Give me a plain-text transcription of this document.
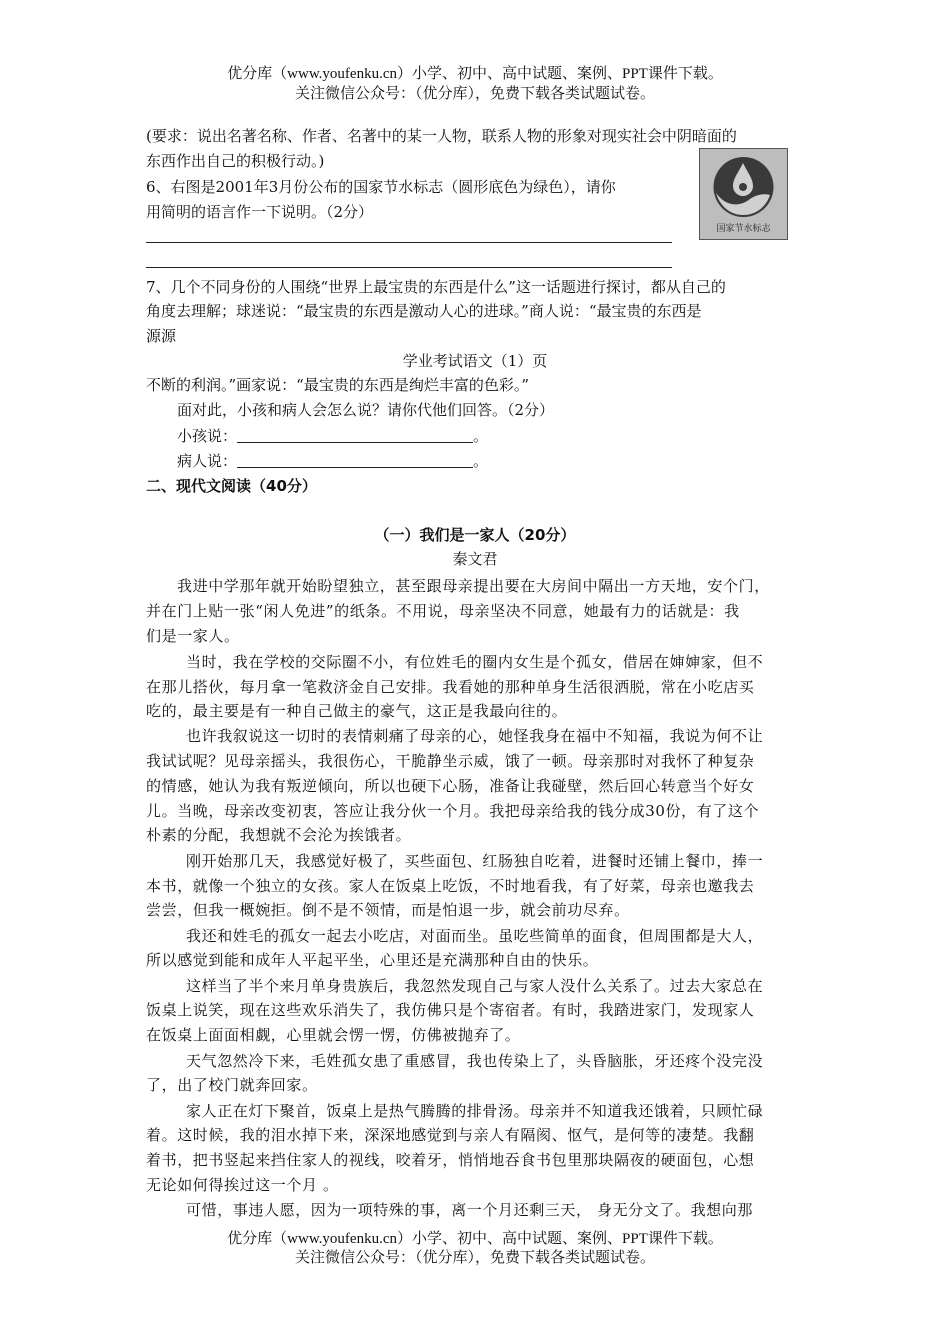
优分库（www.youfenku.cn）小学、初中、高中试题、案例、PPT课件下载。
关注微信公众号：（优分库），免费下载各类试题试卷。
(要求：说出名著名称、作者、名著中的某一人物，联系人物的形象对现实社会中阴暗面的
东西作出自己的积极行动。)
6、右图是2001年3月份公布的国家节水标志（圆形底色为绿色），请你
用简明的语言作一下说明。（2分）
国家节水标志
7、几个不同身份的人围绕“世界上最宝贵的东西是什么”这一话题进行探讨，都从自己的
角度去理解；球迷说：“最宝贵的东西是激动人心的进球。”商人说：“最宝贵的东西是
源源
学业考试语文（1）页
不断的利润。”画家说：“最宝贵的东西是绚烂丰富的色彩。”
面对此，小孩和病人会怎么说？请你代他们回答。（2分）
小孩说：	。
病人说：	。
二、现代文阅读（40分）
（一）我们是一家人（20分）
秦文君
我进中学那年就开始盼望独立，甚至跟母亲提出要在大房间中隔出一方天地，安个门，
并在门上贴一张“闲人免进”的纸条。不用说，母亲坚决不同意，她最有力的话就是：我
们是一家人。
当时，我在学校的交际圈不小，有位姓毛的圈内女生是个孤女，借居在婶婶家，但不
在那儿搭伙，每月拿一笔救济金自己安排。我看她的那种单身生活很洒脱，常在小吃店买
吃的，最主要是有一种自己做主的豪气，这正是我最向往的。
也许我叙说这一切时的表情刺痛了母亲的心，她怪我身在福中不知福，我说为何不让
我试试呢？见母亲摇头，我很伤心，干脆静坐示威，饿了一顿。母亲那时对我怀了种复杂
的情感，她认为我有叛逆倾向，所以也硬下心肠，准备让我碰壁，然后回心转意当个好女
儿。当晚，母亲改变初衷，答应让我分伙一个月。我把母亲给我的钱分成30份，有了这个
朴素的分配，我想就不会沦为挨饿者。
刚开始那几天，我感觉好极了，买些面包、红肠独自吃着，进餐时还铺上餐巾，捧一
本书，就像一个独立的女孩。家人在饭桌上吃饭，不时地看我，有了好菜，母亲也邀我去
尝尝，但我一概婉拒。倒不是不领情，而是怕退一步，就会前功尽弃。
我还和姓毛的孤女一起去小吃店，对面而坐。虽吃些简单的面食，但周围都是大人，
所以感觉到能和成年人平起平坐，心里还是充满那种自由的快乐。
这样当了半个来月单身贵族后，我忽然发现自己与家人没什么关系了。过去大家总在
饭桌上说笑，现在这些欢乐消失了，我仿佛只是个寄宿者。有时，我踏进家门，发现家人
在饭桌上面面相觑，心里就会愣一愣，仿佛被抛弃了。
天气忽然冷下来，毛姓孤女患了重感冒，我也传染上了，头昏脑胀，牙还疼个没完没
了，出了校门就奔回家。
家人正在灯下聚首，饭桌上是热气腾腾的排骨汤。母亲并不知道我还饿着，只顾忙碌
着。这时候，我的泪水掉下来，深深地感觉到与亲人有隔阂、怄气，是何等的凄楚。我翻
着书，把书竖起来挡住家人的视线，咬着牙，悄悄地吞食书包里那块隔夜的硬面包，心想
无论如何得挨过这一个月 。
可惜，事违人愿，因为一项特殊的事，离一个月还剩三天， 身无分文了。我想向那
优分库（www.youfenku.cn）小学、初中、高中试题、案例、PPT课件下载。
关注微信公众号：（优分库），免费下载各类试题试卷。
